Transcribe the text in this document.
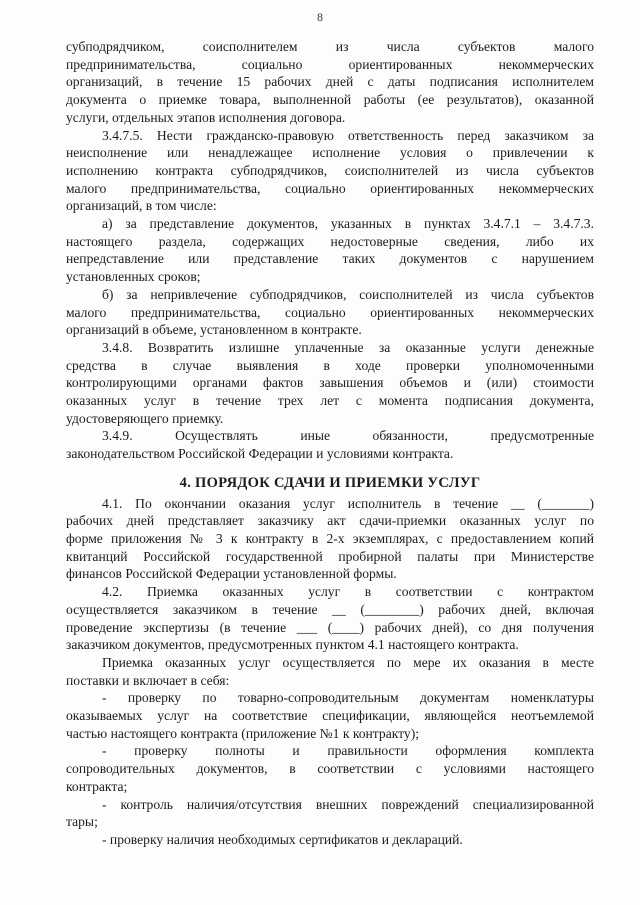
8
субподрядчиком, соисполнителем из числа субъектов малого
предпринимательства, социально ориентированных некоммерческих
организаций, в течение 15 рабочих дней с даты подписания исполнителем
документа о приемке товара, выполненной работы (ее результатов), оказанной
услуги, отдельных этапов исполнения договора.
3.4.7.5. Нести гражданско-правовую ответственность перед заказчиком за
неисполнение или ненадлежащее исполнение условия о привлечении к
исполнению контракта субподрядчиков, соисполнителей из числа субъектов
малого предпринимательства, социально ориентированных некоммерческих
организаций, в том числе:
а) за представление документов, указанных в пунктах 3.4.7.1 – 3.4.7.3.
настоящего раздела, содержащих недостоверные сведения, либо их
непредставление или представление таких документов с нарушением
установленных сроков;
б) за непривлечение субподрядчиков, соисполнителей из числа субъектов
малого предпринимательства, социально ориентированных некоммерческих
организаций в объеме, установленном в контракте.
3.4.8. Возвратить излишне уплаченные за оказанные услуги денежные
средства в случае выявления в ходе проверки уполномоченными
контролирующими органами фактов завышения объемов и (или) стоимости
оказанных услуг в течение трех лет с момента подписания документа,
удостоверяющего приемку.
3.4.9. Осуществлять иные обязанности, предусмотренные
законодательством Российской Федерации и условиями контракта.
4. ПОРЯДОК СДАЧИ И ПРИЕМКИ УСЛУГ
4.1. По окончании оказания услуг исполнитель в течение __ (_______)
рабочих дней представляет заказчику акт сдачи-приемки оказанных услуг по
форме приложения № 3 к контракту в 2-х экземплярах, с предоставлением копий
квитанций Российской государственной пробирной палаты при Министерстве
финансов Российской Федерации установленной формы.
4.2. Приемка оказанных услуг в соответствии с контрактом
осуществляется заказчиком в течение __ (________) рабочих дней, включая
проведение экспертизы (в течение ___ (____) рабочих дней), со дня получения
заказчиком документов, предусмотренных пунктом 4.1 настоящего контракта.
Приемка оказанных услуг осуществляется по мере их оказания в месте
поставки и включает в себя:
- проверку по товарно-сопроводительным документам номенклатуры
оказываемых услуг на соответствие спецификации, являющейся неотъемлемой
частью настоящего контракта (приложение №1 к контракту);
- проверку полноты и правильности оформления комплекта
сопроводительных документов, в соответствии с условиями настоящего
контракта;
- контроль наличия/отсутствия внешних повреждений специализированной
тары;
- проверку наличия необходимых сертификатов и деклараций.
